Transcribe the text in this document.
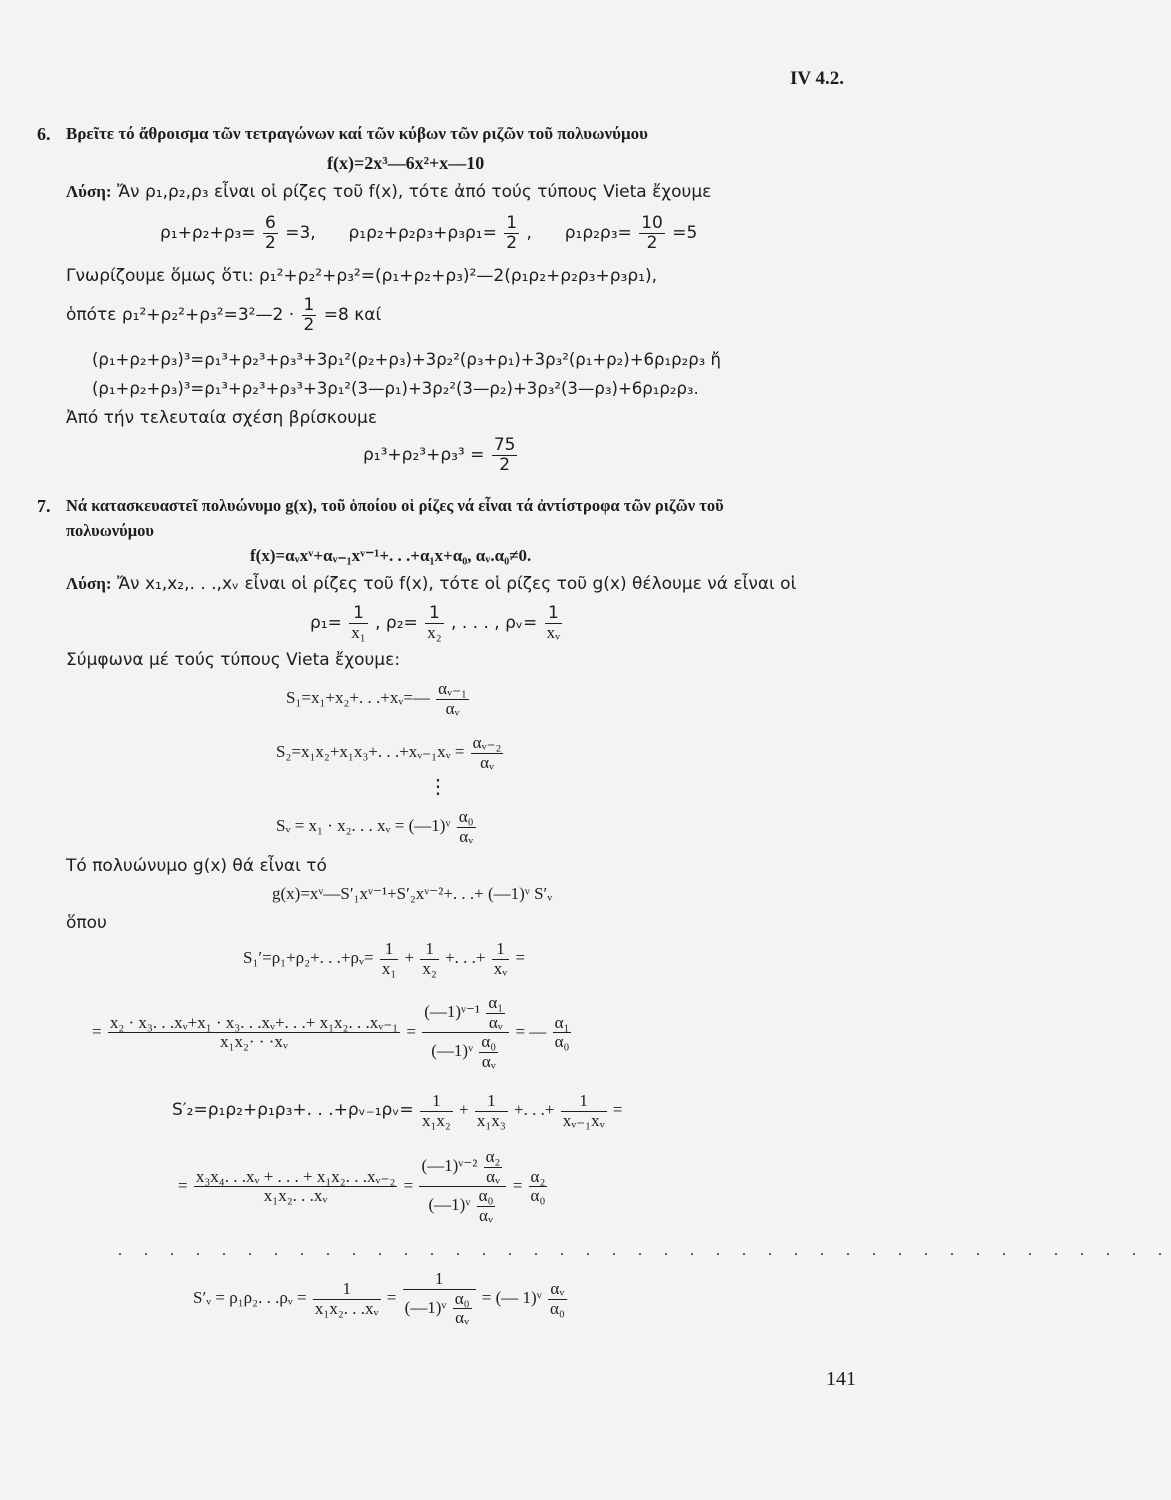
IV 4.2.
6. Βρεῖτε τό ἄθροισμα τῶν τετραγώνων καί τῶν κύβων τῶν ριζῶν τοῦ πολυωνύμου
f(x)=2x³—6x²+x—10
Λύση: Ἄν ρ₁,ρ₂,ρ₃ εἶναι οἱ ρίζες τοῦ f(x), τότε ἀπό τούς τύπους Vieta ἔχουμε
$\rho_1+\rho_2+\rho_3= \frac{6}{2} =3$, $\rho_1\rho_2+\rho_2\rho_3+\rho_3\rho_1= \frac{1}{2}$ , $\rho_1\rho_2\rho_3= \frac{10}{2} =5$
Γνωρίζουμε ὅμως ὅτι: ρ₁²+ρ₂²+ρ₃²=(ρ₁+ρ₂+ρ₃)²—2(ρ₁ρ₂+ρ₂ρ₃+ρ₃ρ₁),
ὁπότε ρ₁²+ρ₂²+ρ₃²=3²—2 · $\frac{1}{2} =8$ καί
(ρ₁+ρ₂+ρ₃)³=ρ₁³+ρ₂³+ρ₃³+3ρ₁²(ρ₂+ρ₃)+3ρ₂²(ρ₃+ρ₁)+3ρ₃²(ρ₁+ρ₂)+6ρ₁ρ₂ρ₃ ἤ
(ρ₁+ρ₂+ρ₃)³=ρ₁³+ρ₂³+ρ₃³+3ρ₁²(3—ρ₁)+3ρ₂²(3—ρ₂)+3ρ₃²(3—ρ₃)+6ρ₁ρ₂ρ₃.
Ἀπό τήν τελευταία σχέση βρίσκουμε
$\rho_1^3+\rho_2^3+\rho_3^3 = \frac{75}{2}$
7. Νά κατασκευαστεῖ πολυώνυμο g(x), τοῦ ὁποίου οἱ ρίζες νά εἶναι τά ἀντίστροφα τῶν ριζῶν τοῦ
πολυωνύμου
f(x)=αᵥxᵛ+αᵥ₋₁xᵛ⁻¹+. . .+α₁x+α₀, αᵥ.α₀≠0.
Λύση: Ἄν x₁,x₂,. . .,xᵥ εἶναι οἱ ρίζες τοῦ f(x), τότε οἱ ρίζες τοῦ g(x) θέλουμε νά εἶναι οἱ
$\rho_1= \frac{1}{\text{x₁}}$ , $\rho_2= \frac{1}{\text{x₂}}$ , . . . , ρᵥ= $\frac{1}{\text{xᵥ}}$
Σύμφωνα μέ τούς τύπους Vieta ἔχουμε:
S₁=x₁+x₂+. . .+xᵥ=— $\frac{\text{αᵥ₋₁}}{\text{αᵥ}}$
S₂=x₁x₂+x₁x₃+. . .+xᵥ₋₁xᵥ = $\frac{\text{αᵥ₋₂}}{\text{αᵥ}}$
⋮
Sᵥ = x₁ · x₂. . . xᵥ = (—1)ᵛ $\frac{\text{α₀}}{\text{αᵥ}}$
Τό πολυώνυμο g(x) θά εἶναι τό
g(x)=xᵛ—S′₁xᵛ⁻¹+S′₂xᵛ⁻²+. . .+ (—1)ᵛ S′ᵥ
ὅπου
S₁′=ρ₁+ρ₂+. . .+ρᵥ= $\frac{1}{\text{x₁}} + \frac{1}{\text{x₂}}$ +. . .+ $\frac{1}{\text{xᵥ}}$ =
= $\frac{\text{x₂ · x₃. . .xᵥ+x₁ · x₃. . .xᵥ+. . .+ x₁x₂. . .xᵥ₋₁}}{\text{x₁x₂· · ·xᵥ}} = \frac{(—1)ᵛ^{-1} \frac{\text{α₁}}{\text{αᵥ}}}{(—1)ᵛ \frac{\text{α₀}}{\text{αᵥ}}}$ = — $\frac{\text{α₁}}{\text{α₀}}$
S′₂=ρ₁ρ₂+ρ₁ρ₃+. . .+ρᵥ₋₁ρᵥ= $\frac{1}{\text{x₁x₂}} + \frac{1}{\text{x₁x₃}}$ +. . .+ $\frac{1}{\text{xᵥ₋₁xᵥ}}$ =
= $\frac{\text{x₃x₄. . .xᵥ + . . . + x₁x₂. . .xᵥ₋₂}}{\text{x₁x₂. . .xᵥ}} = \frac{(—1)ᵛ^{-2} \frac{\text{α₂}}{\text{αᵥ}}}{(—1)ᵛ \frac{\text{α₀}}{\text{αᵥ}}} = \frac{\text{α₂}}{\text{α₀}}$
. . . . . . . . . . . . . . . . . . . . . . . . . . . . . . . . . . . . . . . . .
S′ᵥ = ρ₁ρ₂. . .ρᵥ = $\frac{1}{\text{x₁x₂. . .xᵥ}} = \frac{1}{(—1)ᵛ \frac{\text{α₀}}{\text{αᵥ}}}$ = (— 1)ᵛ $\frac{\text{αᵥ}}{\text{α₀}}$
141
